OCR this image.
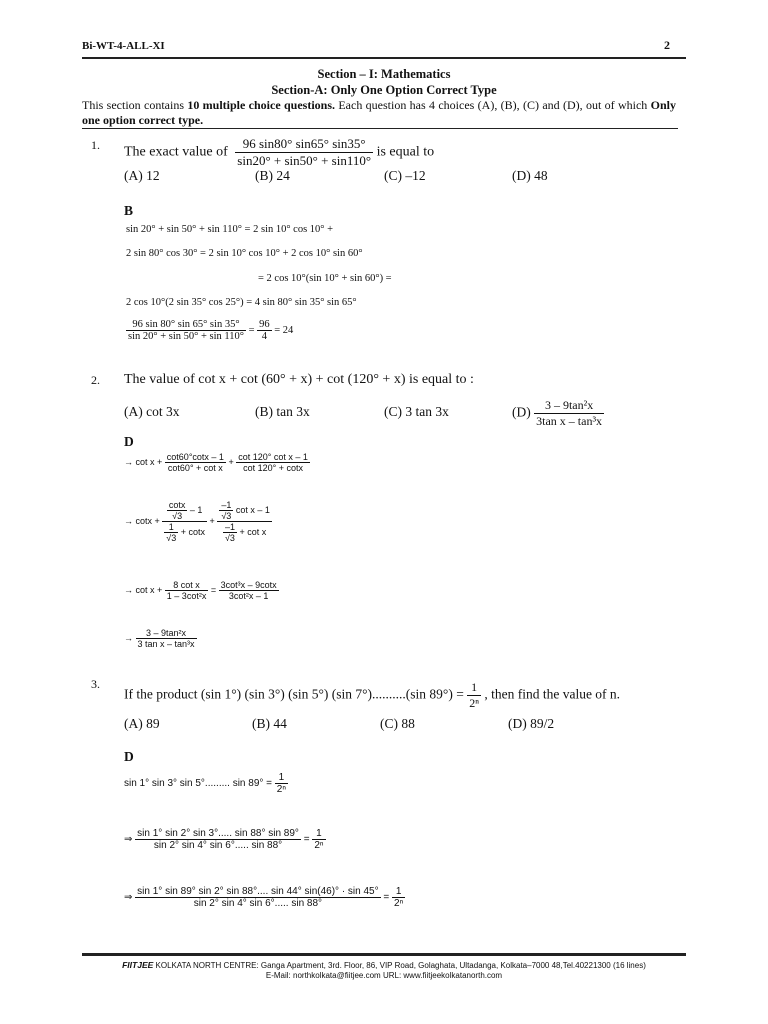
Bi-WT-4-ALL-XI	2
Section – I: Mathematics
Section-A: Only One Option Correct Type
This section contains 10 multiple choice questions. Each question has 4 choices (A), (B), (C) and (D), out of which Only one option correct type.
1. The exact value of $\frac{96 \sin 80^\circ \sin 65^\circ \sin 35^\circ}{\sin 20^\circ + \sin 50^\circ + \sin 110^\circ}$ is equal to
(A) 12	(B) 24	(C) –12	(D) 48
B
sin 20° + sin 50° + sin 110° = 2 sin 10° cos 10° +
2 sin 80° cos 30° = 2 sin 10° cos 10° + 2 cos 10° sin 60°
= 2 cos 10°(sin 10° + sin 60°) =
2 cos 10°(2 sin 35° cos 25°) = 4 sin 80° sin 35° sin 65°
$\frac{96 \sin 80^\circ \sin 65^\circ \sin 35^\circ}{\sin 20^\circ + \sin 50^\circ + \sin 110^\circ} = \frac{96}{4} = 24$
2. The value of cot x + cot (60° + x) + cot (120° + x) is equal to :
(A) cot 3x	(B) tan 3x	(C) 3 tan 3x	$(D) \frac{\text{3 – 9tan²x}}{\text{3tan x – tan³x}}$
D
→ $\cot x + \frac{\cot 60^\circ\cot x - 1}{\text{cot60° + cot x}} + \frac{\text{cot 120° cot x – 1}}{\cot 120^\circ + \cot x}$
→ $\cot x + \frac{\frac{\cot x}{√3} - 1}{\frac{1}{√3} + \cot x} + \frac{\frac{-1}{√3} \cot x - 1}{\frac{-1}{√3} + \cot x}$
→ $\cot x + \frac{\text{8 cot x}}{\text{1 – 3cot²x}} = \frac{\text{3cot³x – 9cotx}}{\text{3cot²x – 1}}$
→ $\frac{\text{3 – 9tan²x}}{\text{3 tan x – tan³x}}$
3.
If the product (sin 1°) (sin 3°) (sin 5°) (sin 7°)..........(sin $89^\circ) = \frac{1}{\text{2ⁿ}}$ , then find the value of n.
(A) 89	(B) 44	(C) 88	(D) 89/2
D
sin 1° sin 3° sin 5°......... $\sin 89^\circ = \frac{1}{\text{2ⁿ}}$
⇒ $\frac{\sin 1^\circ \sin 2^\circ \sin 3^\circ..... \sin 88^\circ \sin 89^\circ}{\sin 2^\circ \sin 4^\circ \sin 6^\circ..... \sin 88^\circ} = \frac{1}{\text{2ⁿ}}$
⇒ $\frac{\sin 1^\circ \sin 89^\circ \sin 2^\circ \sin 88^\circ.... \sin 44^\circ \sin(46)^\circ \cdot \sin 45^\circ}{\sin 2^\circ \sin 4^\circ \sin 6^\circ..... \sin 88^\circ} = \frac{1}{\text{2ⁿ}}$
FIITJEE KOLKATA NORTH CENTRE: Ganga Apartment, 3rd. Floor, 86, VIP Road, Golaghata, Ultadanga, Kolkata–7000 48,Tel.40221300 (16 lines)
E-Mail: northkolkata@fiitjee.com URL: www.fiitjeekolkatanorth.com
